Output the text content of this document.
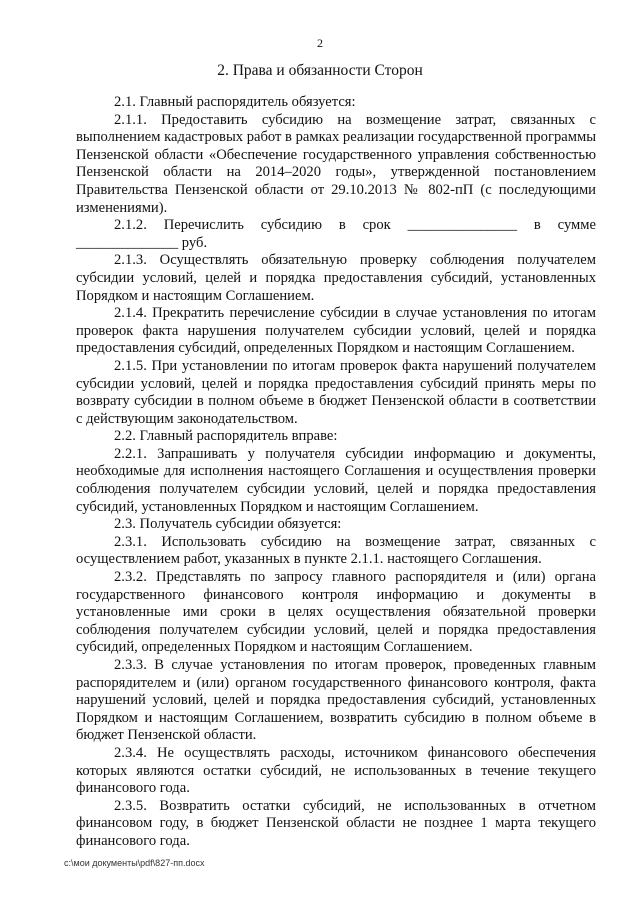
2
2. Права и обязанности Сторон

2.1. Главный распорядитель обязуется:

2.1.1. Предоставить субсидию на возмещение затрат, связанных с выполнением кадастровых работ в рамках реализации государственной программы Пензенской области «Обеспечение государственного управления собственностью Пензенской области на 2014–2020 годы», утвержденной постановлением Правительства Пензенской области от 29.10.2013 № 802-пП (с последующими изменениями).

2.1.2. Перечислить субсидию в срок _______________ в сумме ______________ руб.

2.1.3. Осуществлять обязательную проверку соблюдения получателем субсидии условий, целей и порядка предоставления субсидий, установленных Порядком и настоящим Соглашением.

2.1.4. Прекратить перечисление субсидии в случае установления по итогам проверок факта нарушения получателем субсидии условий, целей и порядка предоставления субсидий, определенных Порядком и настоящим Соглашением.

2.1.5. При установлении по итогам проверок факта нарушений получателем субсидии условий, целей и порядка предоставления субсидий принять меры по возврату субсидии в полном объеме в бюджет Пензенской области в соответствии с действующим законодательством.

2.2. Главный распорядитель вправе:

2.2.1. Запрашивать у получателя субсидии информацию и документы, необходимые для исполнения настоящего Соглашения и осуществления проверки соблюдения получателем субсидии условий, целей и порядка предоставления субсидий, установленных Порядком и настоящим Соглашением.

2.3. Получатель субсидии обязуется:

2.3.1. Использовать субсидию на возмещение затрат, связанных с осуществлением работ, указанных в пункте 2.1.1. настоящего Соглашения.

2.3.2. Представлять по запросу главного распорядителя и (или) органа государственного финансового контроля информацию и документы в установленные ими сроки в целях осуществления обязательной проверки соблюдения получателем субсидии условий, целей и порядка предоставления субсидий, определенных Порядком и настоящим Соглашением.

2.3.3. В случае установления по итогам проверок, проведенных главным распорядителем и (или) органом государственного финансового контроля, факта нарушений условий, целей и порядка предоставления субсидий, установленных Порядком и настоящим Соглашением, возвратить субсидию в полном объеме в бюджет Пензенской области.

2.3.4. Не осуществлять расходы, источником финансового обеспечения которых являются остатки субсидий, не использованных в течение текущего финансового года.

2.3.5. Возвратить остатки субсидий, не использованных в отчетном финансовом году, в бюджет Пензенской области не позднее 1 марта текущего финансового года.

c:\мои документы\pdf\827-пп.docx
